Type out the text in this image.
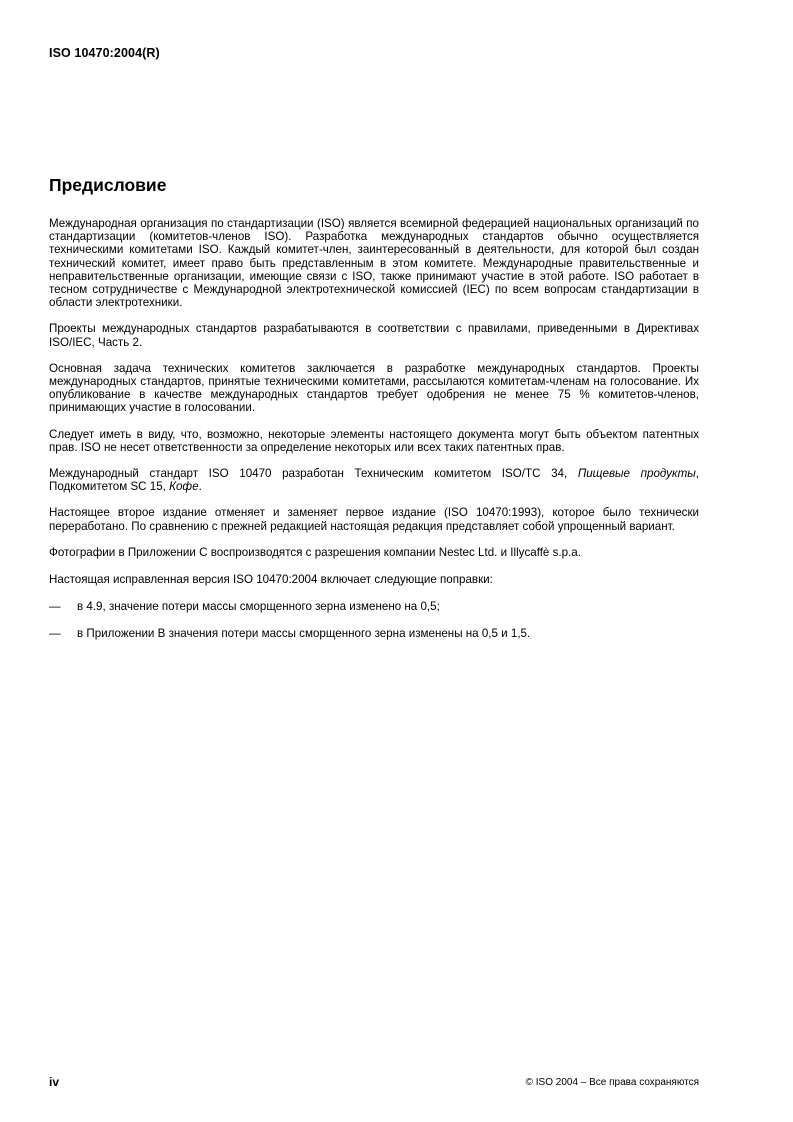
ISO 10470:2004(R)
Предисловие

Международная организация по стандартизации (ISO) является всемирной федерацией национальных организаций по стандартизации (комитетов-членов ISO). Разработка международных стандартов обычно осуществляется техническими комитетами ISO. Каждый комитет-член, заинтересованный в деятельности, для которой был создан технический комитет, имеет право быть представленным в этом комитете. Международные правительственные и неправительственные организации, имеющие связи с ISO, также принимают участие в этой работе. ISO работает в тесном сотрудничестве с Международной электротехнической комиссией (IEC) по всем вопросам стандартизации в области электротехники.

Проекты международных стандартов разрабатываются в соответствии с правилами, приведенными в Директивах ISO/IEC, Часть 2.

Основная задача технических комитетов заключается в разработке международных стандартов. Проекты международных стандартов, принятые техническими комитетами, рассылаются комитетам-членам на голосование. Их опубликование в качестве международных стандартов требует одобрения не менее 75 % комитетов-членов, принимающих участие в голосовании.

Следует иметь в виду, что, возможно, некоторые элементы настоящего документа могут быть объектом патентных прав. ISO не несет ответственности за определение некоторых или всех таких патентных прав.

Международный стандарт ISO 10470 разработан Техническим комитетом ISO/TC 34, Пищевые продукты, Подкомитетом SC 15, Кофе.

Настоящее второе издание отменяет и заменяет первое издание (ISO 10470:1993), которое было технически переработано. По сравнению с прежней редакцией настоящая редакция представляет собой упрощенный вариант.

Фотографии в Приложении С воспроизводятся с разрешения компании Nestec Ltd. и Illycaffè s.p.a.

Настоящая исправленная версия ISO 10470:2004 включает следующие поправки:

—	в 4.9, значение потери массы сморщенного зерна изменено на 0,5;
—	в Приложении B значения потери массы сморщенного зерна изменены на 0,5 и 1,5.
iv	© ISO 2004 – Все права сохраняются
